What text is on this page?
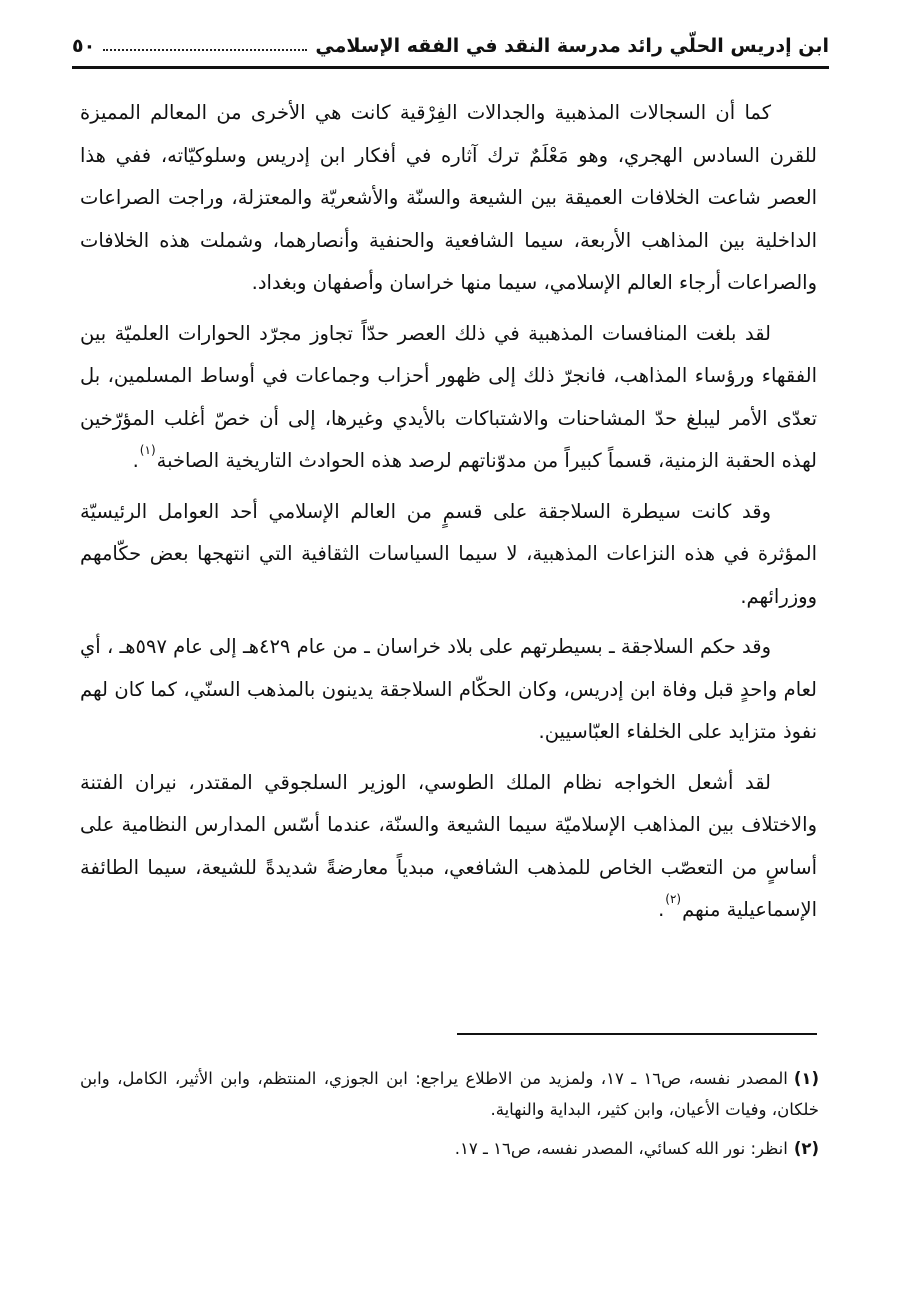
ابن إدريس الحلّي رائد مدرسة النقد في الفقه الإسلامي
٥٠

كما أن السجالات المذهبية والجدالات الفِرْقية كانت هي الأخرى من المعالم المميزة للقرن السادس الهجري، وهو مَعْلَمٌ ترك آثاره في أفكار ابن إدريس وسلوكيّاته، ففي هذا العصر شاعت الخلافات العميقة بين الشيعة والسنّة والأشعريّة والمعتزلة، وراجت الصراعات الداخلية بين المذاهب الأربعة، سيما الشافعية والحنفية وأنصارهما، وشملت هذه الخلافات والصراعات أرجاء العالم الإسلامي، سيما منها خراسان وأصفهان وبغداد.

لقد بلغت المنافسات المذهبية في ذلك العصر حدّاً تجاوز مجرّد الحوارات العلميّة بين الفقهاء ورؤساء المذاهب، فانجرّ ذلك إلى ظهور أحزاب وجماعات في أوساط المسلمين، بل تعدّى الأمر ليبلغ حدّ المشاحنات والاشتباكات بالأيدي وغيرها، إلى أن خصّ أغلب المؤرّخين لهذه الحقبة الزمنية، قسماً كبيراً من مدوّناتهم لرصد هذه الحوادث التاريخية الصاخبة$^{(١)}$.

وقد كانت سيطرة السلاجقة على قسمٍ من العالم الإسلامي أحد العوامل الرئيسيّة المؤثرة في هذه النزاعات المذهبية، لا سيما السياسات الثقافية التي انتهجها بعض حكّامهم ووزرائهم.

وقد حكم السلاجقة ـ بسيطرتهم على بلاد خراسان ـ من عام ٤٢٩هـ إلى عام ٥٩٧هـ ، أي لعام واحدٍ قبل وفاة ابن إدريس، وكان الحكّام السلاجقة يدينون بالمذهب السنّي، كما كان لهم نفوذ متزايد على الخلفاء العبّاسيين.

لقد أشعل الخواجه نظام الملك الطوسي، الوزير السلجوقي المقتدر، نيران الفتنة والاختلاف بين المذاهب الإسلاميّة سيما الشيعة والسنّة، عندما أسّس المدارس النظامية على أساسٍ من التعصّب الخاص للمذهب الشافعي، مبدياً معارضةً شديدةً للشيعة، سيما الطائفة الإسماعيلية منهم$^{(٢)}$.

(١)المصدر نفسه، ص١٦ ـ ١٧، ولمزيد من الاطلاع يراجع: ابن الجوزي، المنتظم، وابن الأثير، الكامل، وابن خلكان، وفيات الأعيان، وابن كثير، البداية والنهاية.

(٢)انظر: نور الله كسائي، المصدر نفسه، ص١٦ ـ ١٧.
